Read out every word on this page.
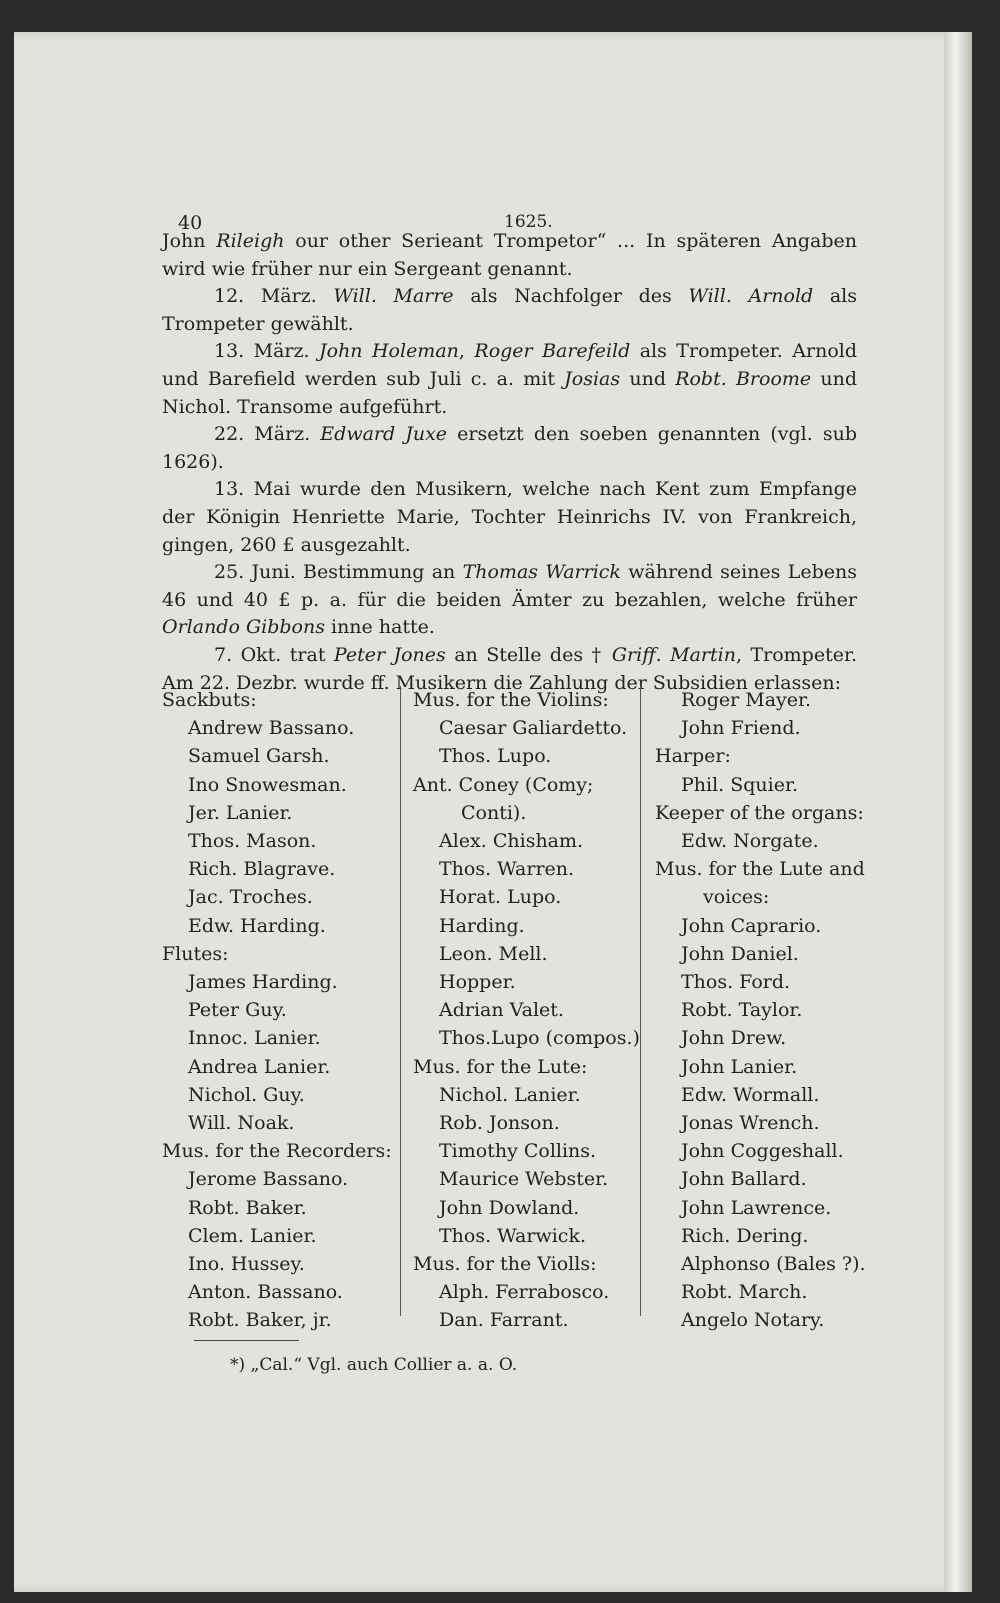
40	1625.

John Rileigh our other Serieant Trompetor“ ... In späteren Angaben wird wie früher nur ein Sergeant genannt.

12. März. Will. Marre als Nachfolger des Will. Arnold als Trompeter gewählt.

13. März. John Holeman, Roger Barefeild als Trompeter. Arnold und Barefield werden sub Juli c. a. mit Josias und Robt. Broome und Nichol. Transome aufgeführt.

22. März. Edward Juxe ersetzt den soeben genannten (vgl. sub 1626).

13. Mai wurde den Musikern, welche nach Kent zum Empfange der Königin Henriette Marie, Tochter Heinrichs IV. von Frankreich, gingen, 260 £ ausgezahlt.

25. Juni. Bestimmung an Thomas Warrick während seines Lebens 46 und 40 £ p. a. für die beiden Ämter zu bezahlen, welche früher Orlando Gibbons inne hatte.

7. Okt. trat Peter Jones an Stelle des † Griff. Martin, Trompeter. Am 22. Dezbr. wurde ff. Musikern die Zahlung der Subsidien erlassen:

Sackbuts:
Andrew Bassano.
Samuel Garsh.
Ino Snowesman.
Jer. Lanier.
Thos. Mason.
Rich. Blagrave.
Jac. Troches.
Edw. Harding.
Flutes:
James Harding.
Peter Guy.
Innoc. Lanier.
Andrea Lanier.
Nichol. Guy.
Will. Noak.
Mus. for the Recorders:
Jerome Bassano.
Robt. Baker.
Clem. Lanier.
Ino. Hussey.
Anton. Bassano.
Robt. Baker, jr.
Mus. for the Violins:
Caesar Galiardetto.
Thos. Lupo.
Ant. Coney (Comy;
Conti).
Alex. Chisham.
Thos. Warren.
Horat. Lupo.
Harding.
Leon. Mell.
Hopper.
Adrian Valet.
Thos.Lupo (compos.)
Mus. for the Lute:
Nichol. Lanier.
Rob. Jonson.
Timothy Collins.
Maurice Webster.
John Dowland.
Thos. Warwick.
Mus. for the Violls:
Alph. Ferrabosco.
Dan. Farrant.
Roger Mayer.
John Friend.
Harper:
Phil. Squier.
Keeper of the organs:
Edw. Norgate.
Mus. for the Lute and
voices:
John Caprario.
John Daniel.
Thos. Ford.
Robt. Taylor.
John Drew.
John Lanier.
Edw. Wormall.
Jonas Wrench.
John Coggeshall.
John Ballard.
John Lawrence.
Rich. Dering.
Alphonso (Bales ?).
Robt. March.
Angelo Notary.
*) „Cal.“ Vgl. auch Collier a. a. O.
